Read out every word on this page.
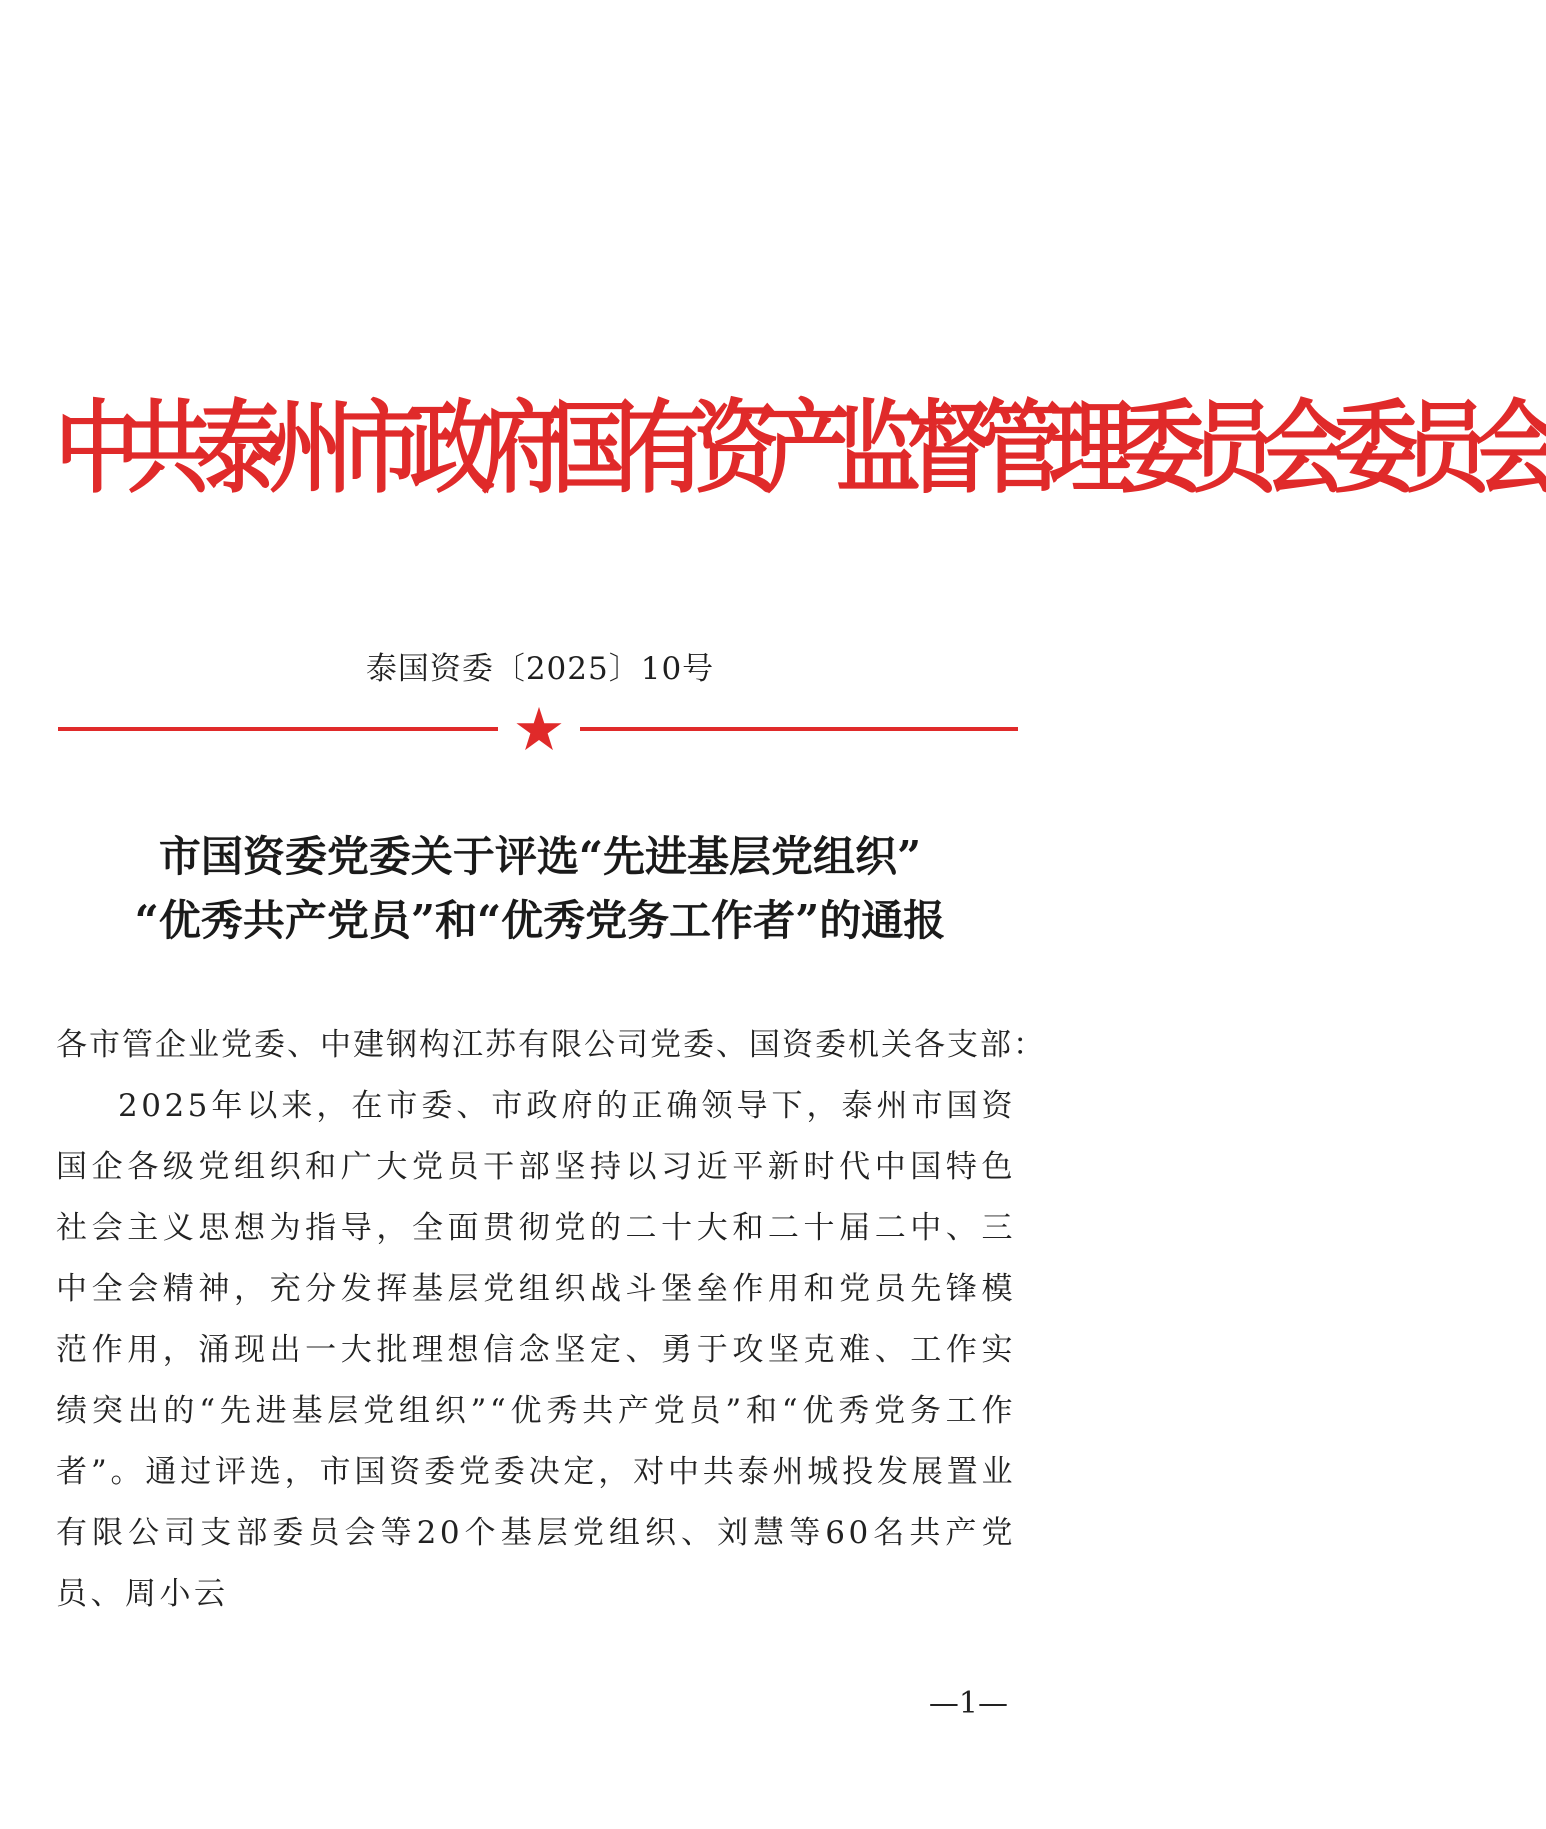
中共泰州市政府国有资产监督管理委员会委员会
泰国资委〔2025〕10号
市国资委党委关于评选“先进基层党组织”
“优秀共产党员”和“优秀党务工作者”的通报
各市管企业党委、中建钢构江苏有限公司党委、国资委机关各支部：
2025年以来，在市委、市政府的正确领导下，泰州市国资国企各级党组织和广大党员干部坚持以习近平新时代中国特色社会主义思想为指导，全面贯彻党的二十大和二十届二中、三中全会精神，充分发挥基层党组织战斗堡垒作用和党员先锋模范作用，涌现出一大批理想信念坚定、勇于攻坚克难、工作实绩突出的“先进基层党组织”“优秀共产党员”和“优秀党务工作者”。通过评选，市国资委党委决定，对中共泰州城投发展置业有限公司支部委员会等20个基层党组织、刘慧等60名共产党员、周小云
—1—
